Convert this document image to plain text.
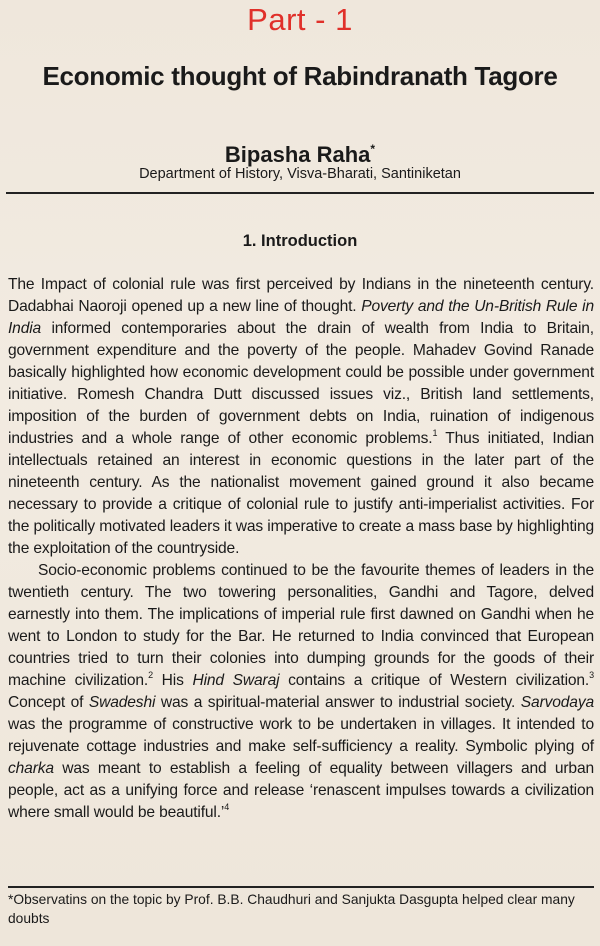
Part - 1
Economic thought of Rabindranath Tagore
Bipasha Raha*
Department of History, Visva-Bharati, Santiniketan
1. Introduction

The Impact of colonial rule was first perceived by Indians in the nineteenth century. Dadabhai Naoroji opened up a new line of thought. Poverty and the Un-British Rule in India informed contemporaries about the drain of wealth from India to Britain, government expenditure and the poverty of the people. Mahadev Govind Ranade basically highlighted how economic development could be possible under government initiative. Romesh Chandra Dutt discussed issues viz., British land settlements, imposition of the burden of government debts on India, ruination of indigenous industries and a whole range of other economic problems.$^1$ Thus initiated, Indian intellectuals retained an interest in economic questions in the later part of the nineteenth century. As the nationalist movement gained ground it also became necessary to provide a critique of colonial rule to justify anti-imperialist activities. For the politically motivated leaders it was imperative to create a mass base by highlighting the exploitation of the countryside.

Socio-economic problems continued to be the favourite themes of leaders in the twentieth century. The two towering personalities, Gandhi and Tagore, delved earnestly into them. The implications of imperial rule first dawned on Gandhi when he went to London to study for the Bar. He returned to India convinced that European countries tried to turn their colonies into dumping grounds for the goods of their machine civilization.$^2$ His Hind Swaraj contains a critique of Western civilization.$^3$ Concept of Swadeshi was a spiritual-material answer to industrial society. Sarvodaya was the programme of constructive work to be undertaken in villages. It intended to rejuvenate cottage industries and make self-sufficiency a reality. Symbolic plying of charka was meant to establish a feeling of equality between villagers and urban people, act as a unifying force and release ‘renascent impulses towards a civilization where small would be beautiful.’$^4$

*Observatins on the topic by Prof. B.B. Chaudhuri and Sanjukta Dasgupta helped clear many doubts
